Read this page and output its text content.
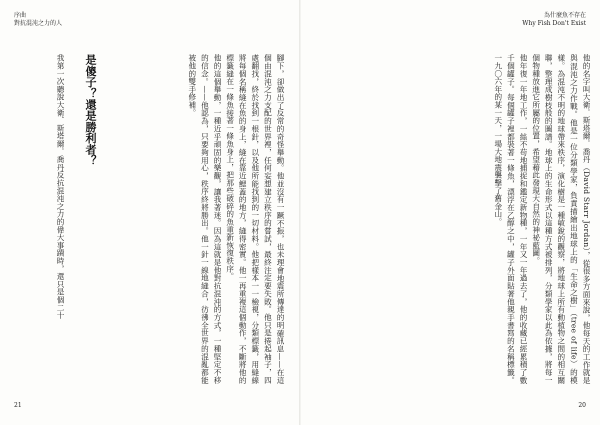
序曲
對抗混沌之力的人

腳下，卻做出了反常的奇怪舉動。他並沒有一蹶不振，也未理會地震所傳達的明確訊息——在這個由混沌之力支配的世界裡，任何妄想建立秩序的嘗試，最終注定要失敗。他只是捲起袖子，四處翻找，終於找到一根針，以及他所能找到的一切材料。他把樣本一一檢視，分類標籤，用縫線將每個名稱縫在魚的身上，縫在靠近鰓蓋的地方，縫得密實。他一再重複這個動作，不斷將他的標籤縫在一條魚接著一條魚身上，把那些破碎的魚重新恢復秩序。

他的這個舉動，一種近乎頑固的樂觀，讓我著迷。因為這就是他對抗混沌的方式，一種堅定不移的信念。——他認為，只要夠用心，秩序終將勝出。他一針一線地縫合，彷彿全世界的混亂都能被他的雙手修補。

是傻子？還是勝利者？

我第一次聽說大衛．斯塔爾．喬丹反抗混沌之力的偉大事蹟時，還只是個二十

21
為什麼魚不存在
Why Fish Don't Exist

他的名字叫大衛．斯塔爾．喬丹（David Starr Jordan），從很多方面來說，他每天的工作就是與混沌之力作戰。他是一位分類學家，負責描繪出地球上的「生命之樹」（tree of life）的模樣。為混沌不明的地球帶來秩序，演化樹是一種敏銳的觀察，將地球上所有動植物之間的相互關聯，整理成樹枝般的圖譜。地球上的生命形式以這種方式被排列，分類學家以此為依據，將每一個物種放進它所屬的位置，希望藉此發現大自然的神祕藍圖。

他年復一年地工作，一絲不苟地捕捉和鑑定新物種，一年又一年過去了，他的收藏已經累積了數千個罐子。每個罐子裡都裝著一條魚，漂浮在乙醇之中，罐子外面貼著他親手書寫的名稱標籤。一九〇六年的某一天，一場大地震襲擊了舊金山。

20
